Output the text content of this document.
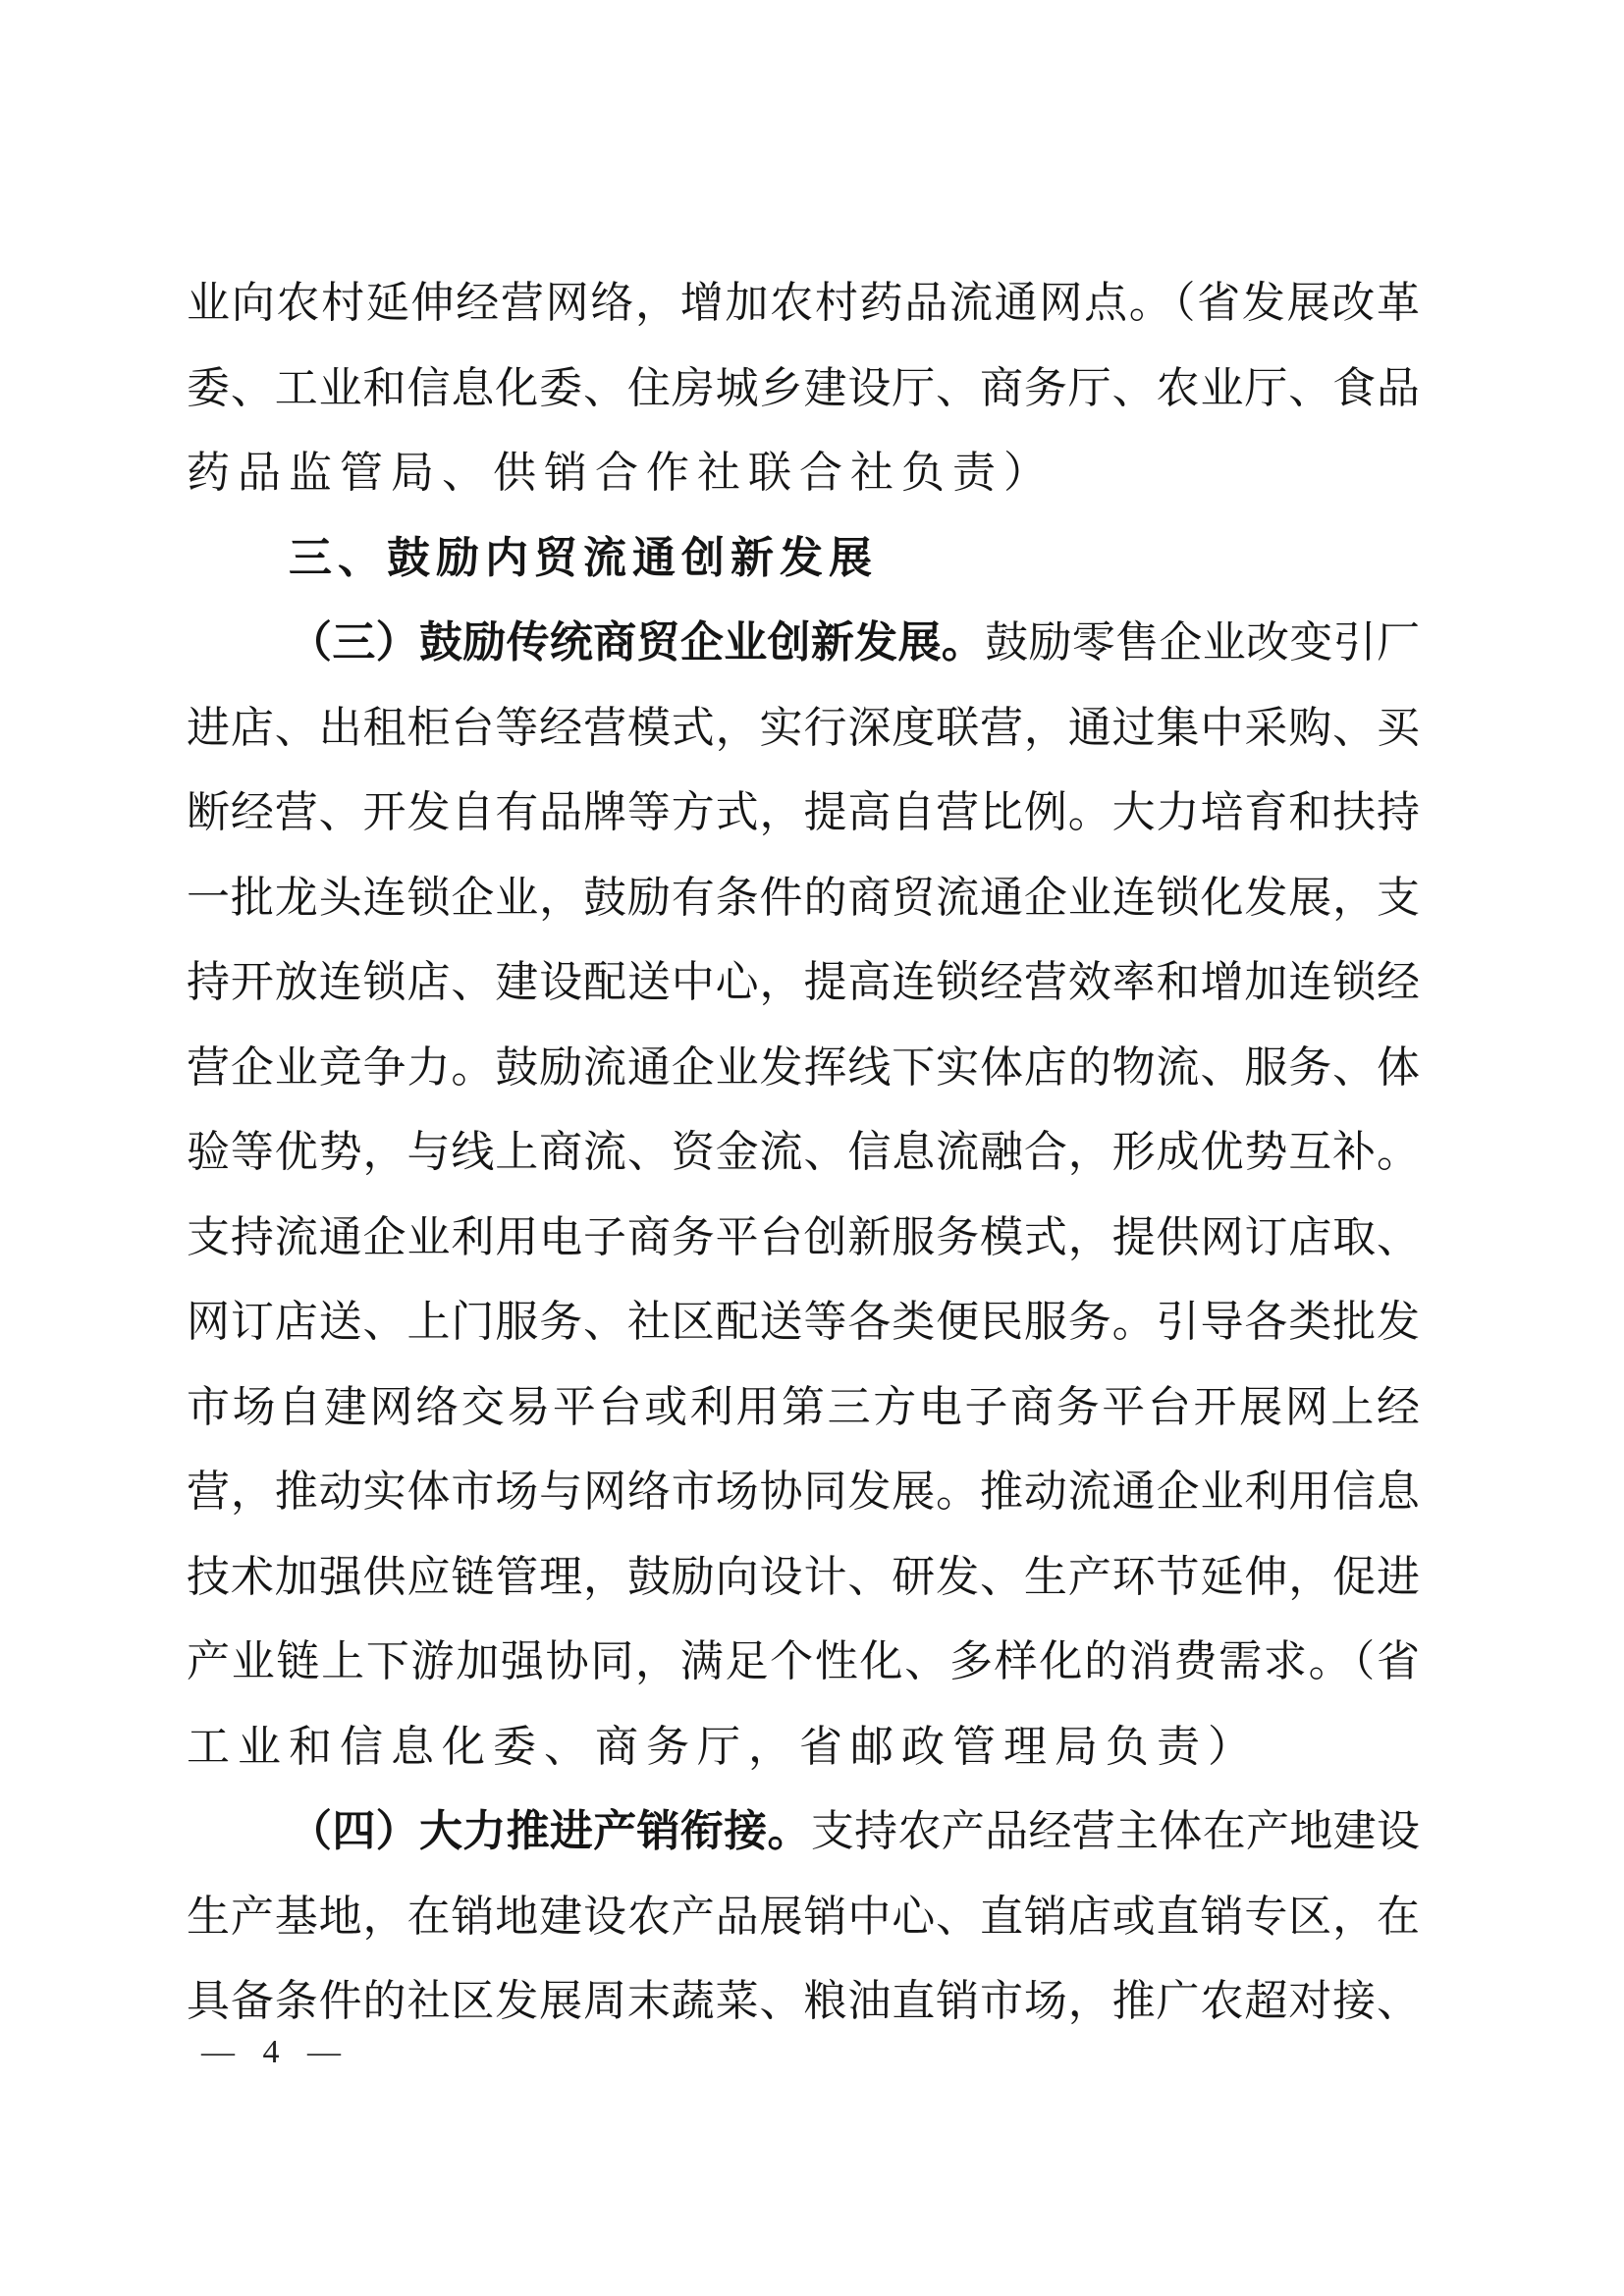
业向农村延伸经营网络，增加农村药品流通网点。（省发展改革
委、工业和信息化委、住房城乡建设厅、商务厅、农业厅、食品
药品监管局、供销合作社联合社负责）
三、鼓励内贸流通创新发展
（三）鼓励传统商贸企业创新发展。鼓励零售企业改变引厂
进店、出租柜台等经营模式，实行深度联营，通过集中采购、买
断经营、开发自有品牌等方式，提高自营比例。大力培育和扶持
一批龙头连锁企业，鼓励有条件的商贸流通企业连锁化发展，支
持开放连锁店、建设配送中心，提高连锁经营效率和增加连锁经
营企业竞争力。鼓励流通企业发挥线下实体店的物流、服务、体
验等优势，与线上商流、资金流、信息流融合，形成优势互补。
支持流通企业利用电子商务平台创新服务模式，提供网订店取、
网订店送、上门服务、社区配送等各类便民服务。引导各类批发
市场自建网络交易平台或利用第三方电子商务平台开展网上经
营，推动实体市场与网络市场协同发展。推动流通企业利用信息
技术加强供应链管理，鼓励向设计、研发、生产环节延伸，促进
产业链上下游加强协同，满足个性化、多样化的消费需求。（省
工业和信息化委、商务厅，省邮政管理局负责）
（四）大力推进产销衔接。支持农产品经营主体在产地建设
生产基地，在销地建设农产品展销中心、直销店或直销专区，在
具备条件的社区发展周末蔬菜、粮油直销市场，推广农超对接、
— 4 —
